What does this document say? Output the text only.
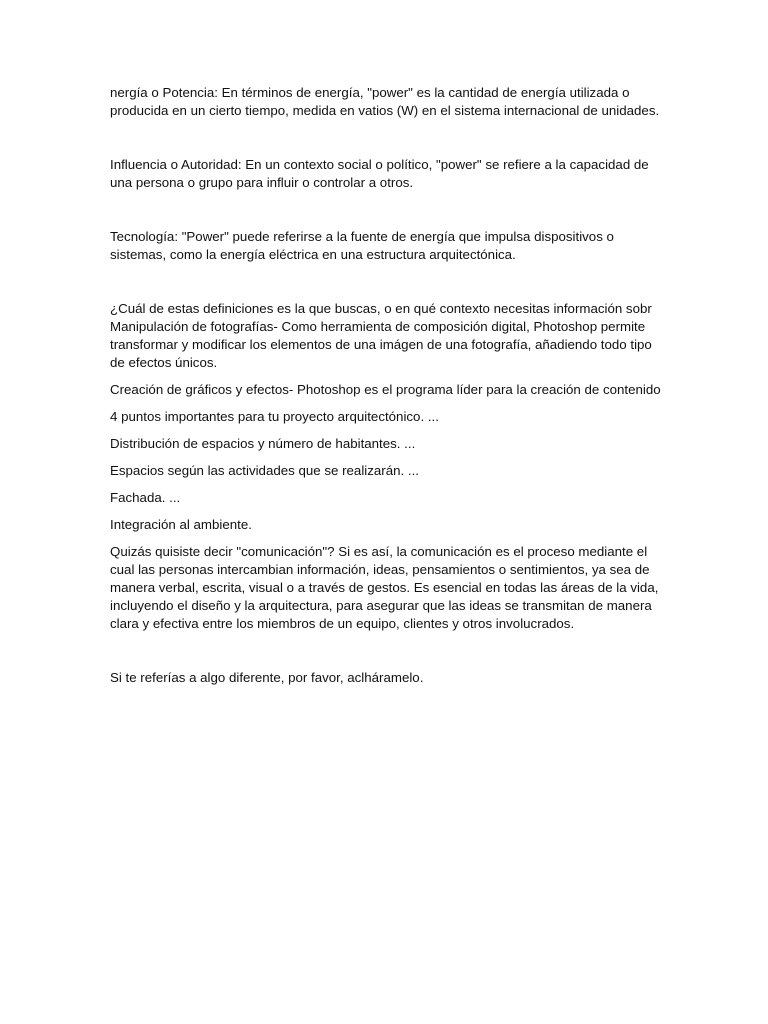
nergía o Potencia: En términos de energía, "power" es la cantidad de energía utilizada o producida en un cierto tiempo, medida en vatios (W) en el sistema internacional de unidades.

Influencia o Autoridad: En un contexto social o político, "power" se refiere a la capacidad de una persona o grupo para influir o controlar a otros.

Tecnología: "Power" puede referirse a la fuente de energía que impulsa dispositivos o sistemas, como la energía eléctrica en una estructura arquitectónica.

¿Cuál de estas definiciones es la que buscas, o en qué contexto necesitas información sobr Manipulación de fotografías- Como herramienta de composición digital, Photoshop permite transformar y modificar los elementos de una imágen de una fotografía, añadiendo todo tipo de efectos únicos.

Creación de gráficos y efectos- Photoshop es el programa líder para la creación de contenido

4 puntos importantes para tu proyecto arquitectónico. ...

Distribución de espacios y número de habitantes. ...

Espacios según las actividades que se realizarán. ...

Fachada. ...

Integración al ambiente.

Quizás quisiste decir "comunicación"? Si es así, la comunicación es el proceso mediante el cual las personas intercambian información, ideas, pensamientos o sentimientos, ya sea de manera verbal, escrita, visual o a través de gestos. Es esencial en todas las áreas de la vida, incluyendo el diseño y la arquitectura, para asegurar que las ideas se transmitan de manera clara y efectiva entre los miembros de un equipo, clientes y otros involucrados.

Si te referías a algo diferente, por favor, aclháramelo.
